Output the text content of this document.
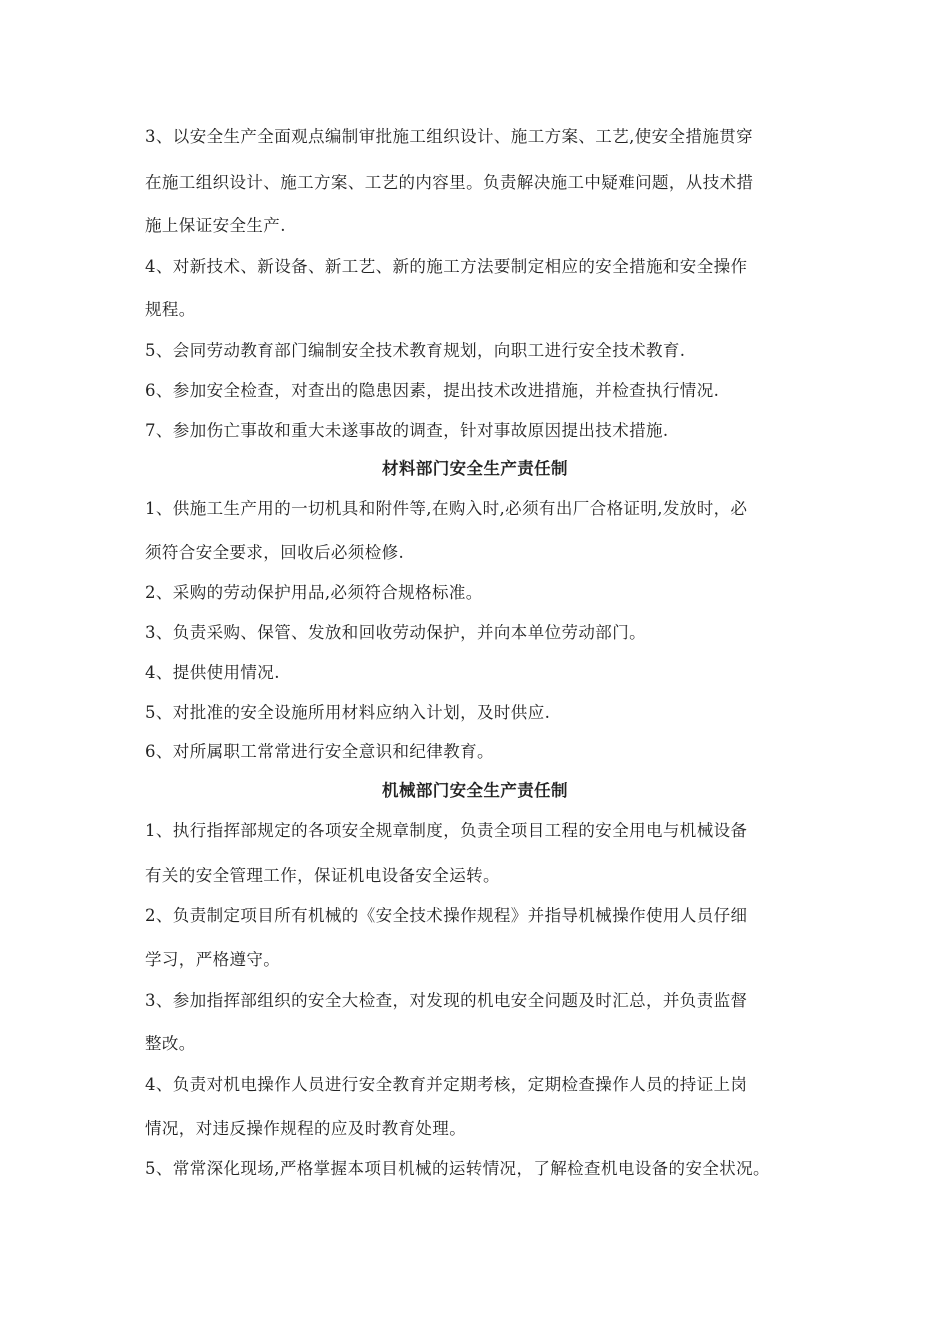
3、以安全生产全面观点编制审批施工组织设计、施工方案、工艺,使安全措施贯穿
在施工组织设计、施工方案、工艺的内容里。负责解决施工中疑难问题，从技术措
施上保证安全生产.
4、对新技术、新设备、新工艺、新的施工方法要制定相应的安全措施和安全操作
规程。
5、会同劳动教育部门编制安全技术教育规划，向职工进行安全技术教育.
6、参加安全检查，对查出的隐患因素，提出技术改进措施，并检查执行情况.
7、参加伤亡事故和重大未遂事故的调查，针对事故原因提出技术措施.
材料部门安全生产责任制
1、供施工生产用的一切机具和附件等,在购入时,必须有出厂合格证明,发放时，必
须符合安全要求，回收后必须检修.
2、采购的劳动保护用品,必须符合规格标准。
3、负责采购、保管、发放和回收劳动保护，并向本单位劳动部门。
4、提供使用情况.
5、对批准的安全设施所用材料应纳入计划，及时供应.
6、对所属职工常常进行安全意识和纪律教育。
机械部门安全生产责任制
1、执行指挥部规定的各项安全规章制度，负责全项目工程的安全用电与机械设备
有关的安全管理工作，保证机电设备安全运转。
2、负责制定项目所有机械的《安全技术操作规程》并指导机械操作使用人员仔细
学习，严格遵守。
3、参加指挥部组织的安全大检查，对发现的机电安全问题及时汇总，并负责监督
整改。
4、负责对机电操作人员进行安全教育并定期考核，定期检查操作人员的持证上岗
情况，对违反操作规程的应及时教育处理。
5、常常深化现场,严格掌握本项目机械的运转情况，了解检查机电设备的安全状况。
